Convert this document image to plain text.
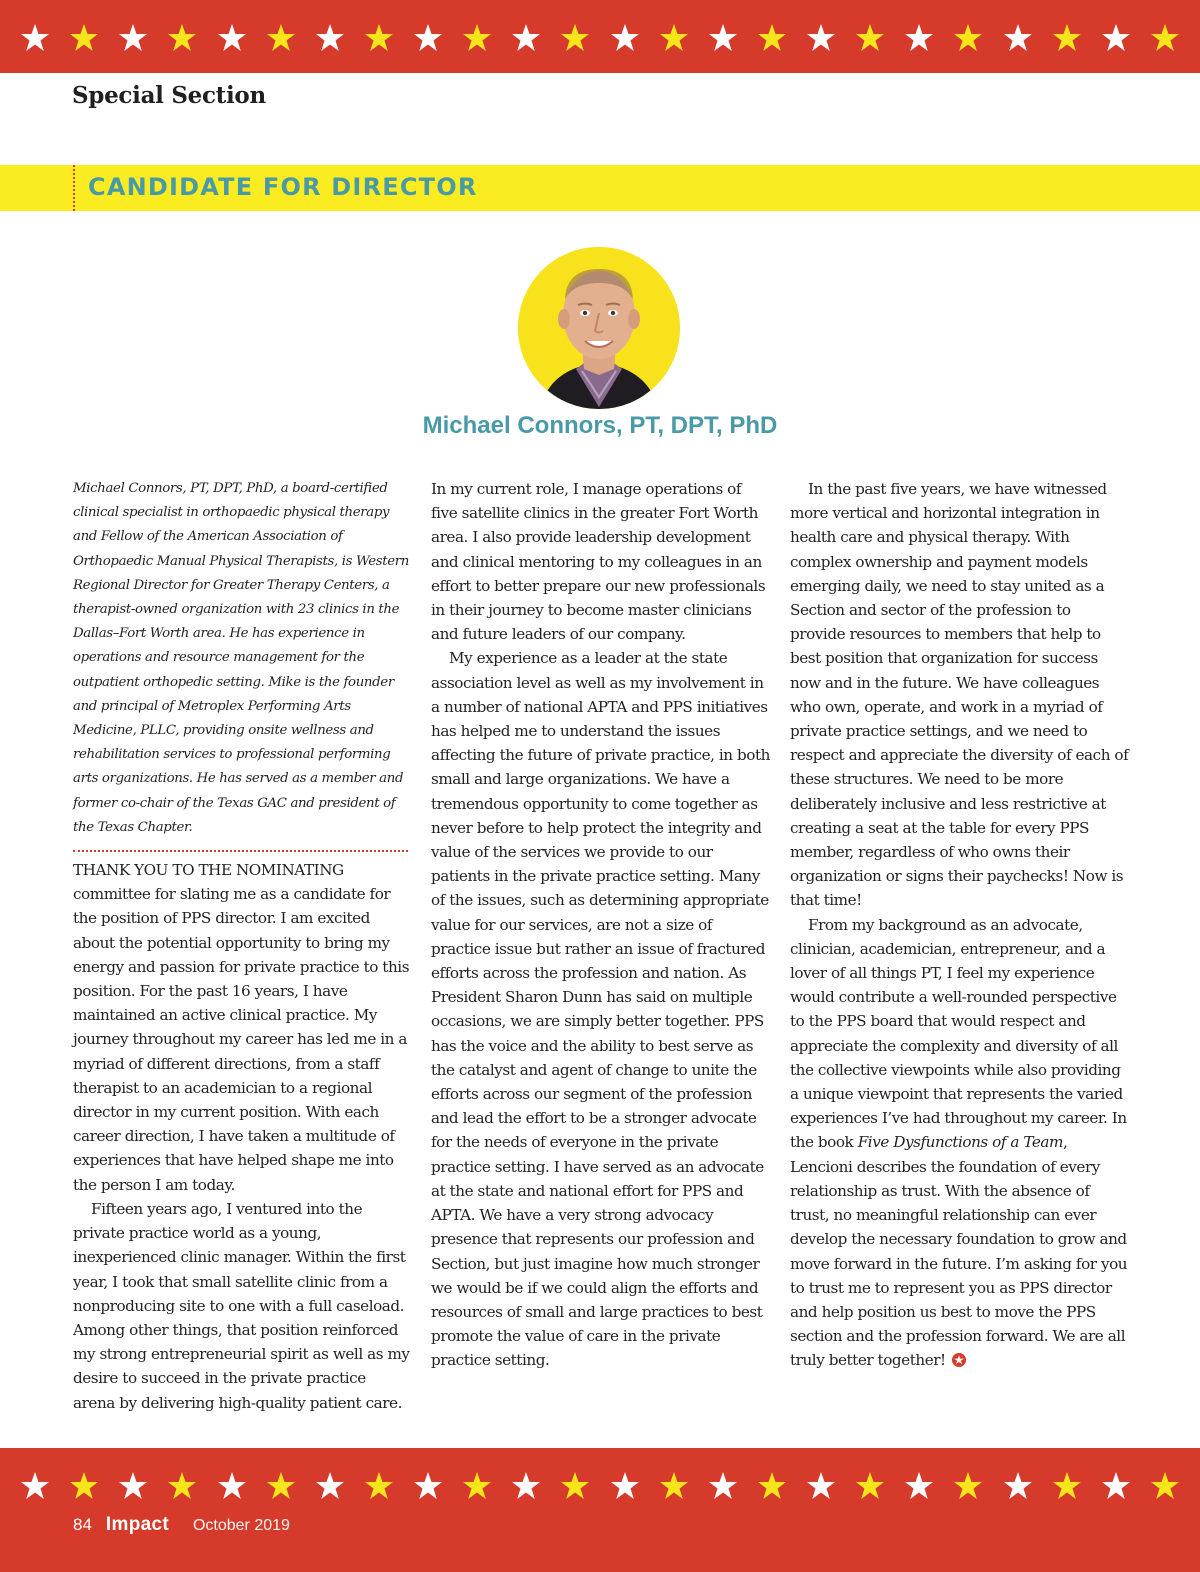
Special Section
CANDIDATE FOR DIRECTOR
Michael Connors, PT, DPT, PhD
Michael Connors, PT, DPT, PhD, a board-certified clinical specialist in orthopaedic physical therapy and Fellow of the American Association of Orthopaedic Manual Physical Therapists, is Western Regional Director for Greater Therapy Centers, a therapist-owned organization with 23 clinics in the Dallas–Fort Worth area. He has experience in operations and resource management for the outpatient orthopedic setting. Mike is the founder and principal of Metroplex Performing Arts Medicine, PLLC, providing onsite wellness and rehabilitation services to professional performing arts organizations. He has served as a member and former co-chair of the Texas GAC and president of the Texas Chapter.

THANK YOU TO THE NOMINATING committee for slating me as a candidate for the position of PPS director. I am excited about the potential opportunity to bring my energy and passion for private practice to this position. For the past 16 years, I have maintained an active clinical practice. My journey throughout my career has led me in a myriad of different directions, from a staff therapist to an academician to a regional director in my current position. With each career direction, I have taken a multitude of experiences that have helped shape me into the person I am today.

Fifteen years ago, I ventured into the private practice world as a young, inexperienced clinic manager. Within the first year, I took that small satellite clinic from a nonproducing site to one with a full caseload. Among other things, that position reinforced my strong entrepreneurial spirit as well as my desire to succeed in the private practice arena by delivering high-quality patient care.

In my current role, I manage operations of five satellite clinics in the greater Fort Worth area. I also provide leadership development and clinical mentoring to my colleagues in an effort to better prepare our new professionals in their journey to become master clinicians and future leaders of our company.

My experience as a leader at the state association level as well as my involvement in a number of national APTA and PPS initiatives has helped me to understand the issues affecting the future of private practice, in both small and large organizations. We have a tremendous opportunity to come together as never before to help protect the integrity and value of the services we provide to our patients in the private practice setting. Many of the issues, such as determining appropriate value for our services, are not a size of practice issue but rather an issue of fractured efforts across the profession and nation. As President Sharon Dunn has said on multiple occasions, we are simply better together. PPS has the voice and the ability to best serve as the catalyst and agent of change to unite the efforts across our segment of the profession and lead the effort to be a stronger advocate for the needs of everyone in the private practice setting. I have served as an advocate at the state and national effort for PPS and APTA. We have a very strong advocacy presence that represents our profession and Section, but just imagine how much stronger we would be if we could align the efforts and resources of small and large practices to best promote the value of care in the private practice setting.

In the past five years, we have witnessed more vertical and horizontal integration in health care and physical therapy. With complex ownership and payment models emerging daily, we need to stay united as a Section and sector of the profession to provide resources to members that help to best position that organization for success now and in the future. We have colleagues who own, operate, and work in a myriad of private practice settings, and we need to respect and appreciate the diversity of each of these structures. We need to be more deliberately inclusive and less restrictive at creating a seat at the table for every PPS member, regardless of who owns their organization or signs their paychecks! Now is that time!

From my background as an advocate, clinician, academician, entrepreneur, and a lover of all things PT, I feel my experience would contribute a well-rounded perspective to the PPS board that would respect and appreciate the complexity and diversity of all the collective viewpoints while also providing a unique viewpoint that represents the varied experiences I’ve had throughout my career. In the book Five Dysfunctions of a Team, Lencioni describes the foundation of every relationship as trust. With the absence of trust, no meaningful relationship can ever develop the necessary foundation to grow and move forward in the future. I’m asking for you to trust me to represent you as PPS director and help position us best to move the PPS section and the profession forward. We are all truly better together!

84 Impact October 2019
